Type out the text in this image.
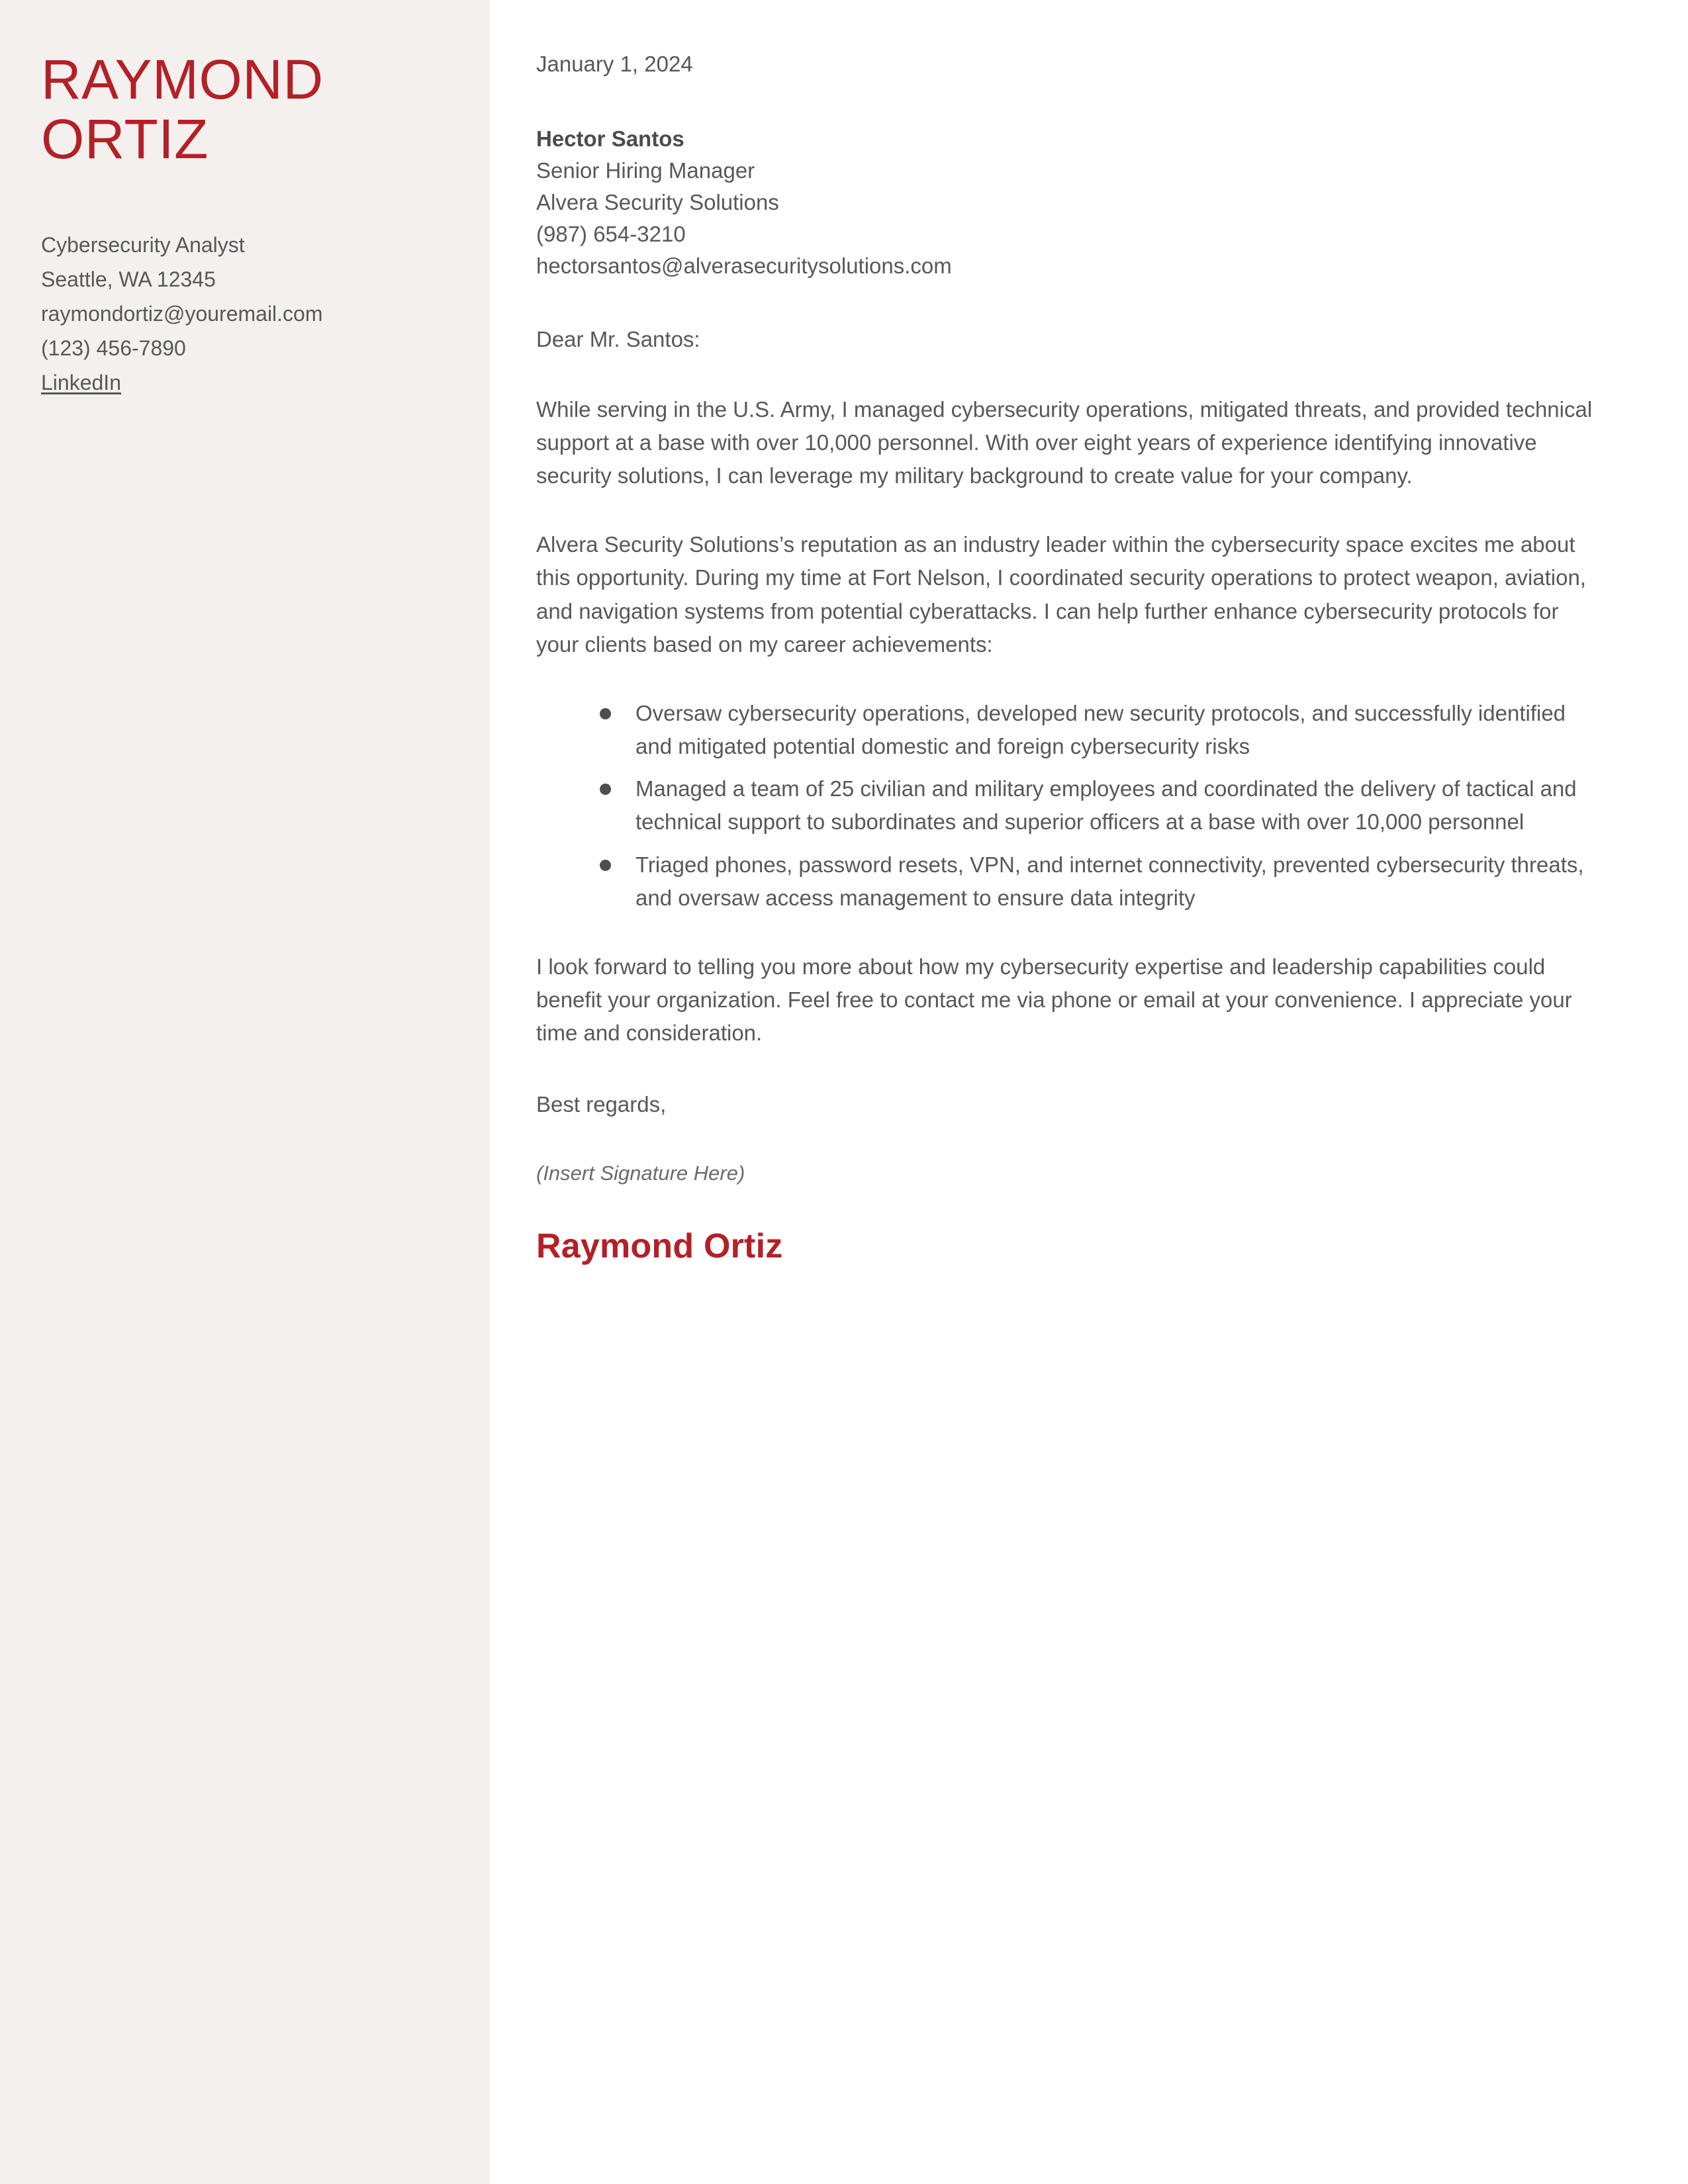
RAYMOND
ORTIZ
Cybersecurity Analyst
Seattle, WA 12345
raymondortiz@youremail.com
(123) 456-7890
LinkedIn

January 1, 2024

Hector Santos
Senior Hiring Manager
Alvera Security Solutions
(987) 654-3210
hectorsantos@alverasecuritysolutions.com

Dear Mr. Santos:

While serving in the U.S. Army, I managed cybersecurity operations, mitigated threats, and provided technical support at a base with over 10,000 personnel. With over eight years of experience identifying innovative security solutions, I can leverage my military background to create value for your company.

Alvera Security Solutions’s reputation as an industry leader within the cybersecurity space excites me about this opportunity. During my time at Fort Nelson, I coordinated security operations to protect weapon, aviation, and navigation systems from potential cyberattacks. I can help further enhance cybersecurity protocols for your clients based on my career achievements:

Oversaw cybersecurity operations, developed new security protocols, and successfully identified and mitigated potential domestic and foreign cybersecurity risks
Managed a team of 25 civilian and military employees and coordinated the delivery of tactical and technical support to subordinates and superior officers at a base with over 10,000 personnel
Triaged phones, password resets, VPN, and internet connectivity, prevented cybersecurity threats, and oversaw access management to ensure data integrity

I look forward to telling you more about how my cybersecurity expertise and leadership capabilities could benefit your organization. Feel free to contact me via phone or email at your convenience. I appreciate your time and consideration.

Best regards,

(Insert Signature Here)

Raymond Ortiz
